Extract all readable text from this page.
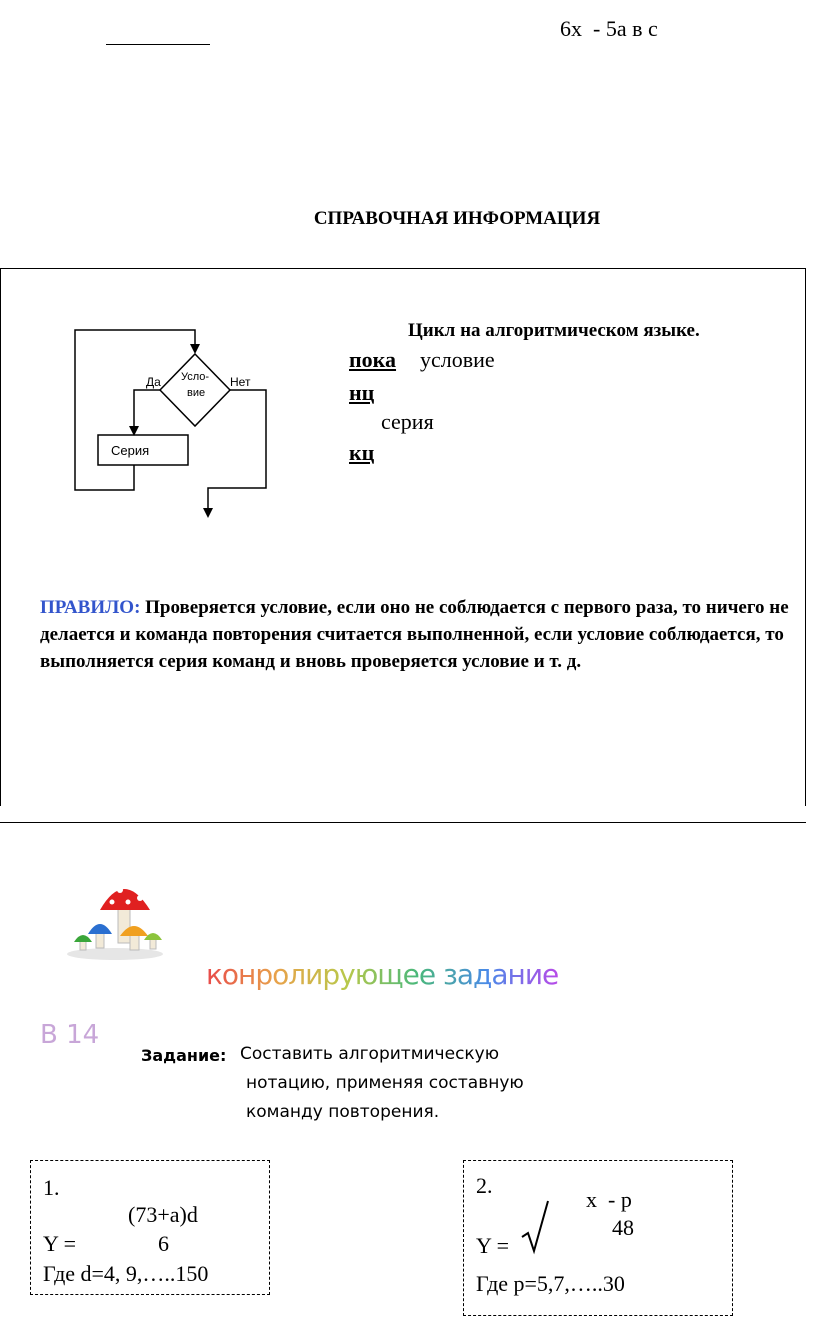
6x  - 5a в с
СПРАВОЧНАЯ ИНФОРМАЦИЯ
Да	Нет
Усло-
вие
Серия
Цикл на алгоритмическом языке.
пока условие
нц
серия
кц
ПРАВИЛО: Проверяется условие, если оно не соблюдается с первого раза, то ничего не делается и команда повторения считается выполненной, если условие соблюдается, то выполняется серия команд и вновь проверяется условие и т. д.
конролирующее задание
В 14
Задание: Составить алгоритмическую
нотацию, применяя составную
команду повторения.
1.
(73+a)d
Y =	6
Где d=4, 9,…..150
2.
x  - p
48
Y =
Где p=5,7,…..30
